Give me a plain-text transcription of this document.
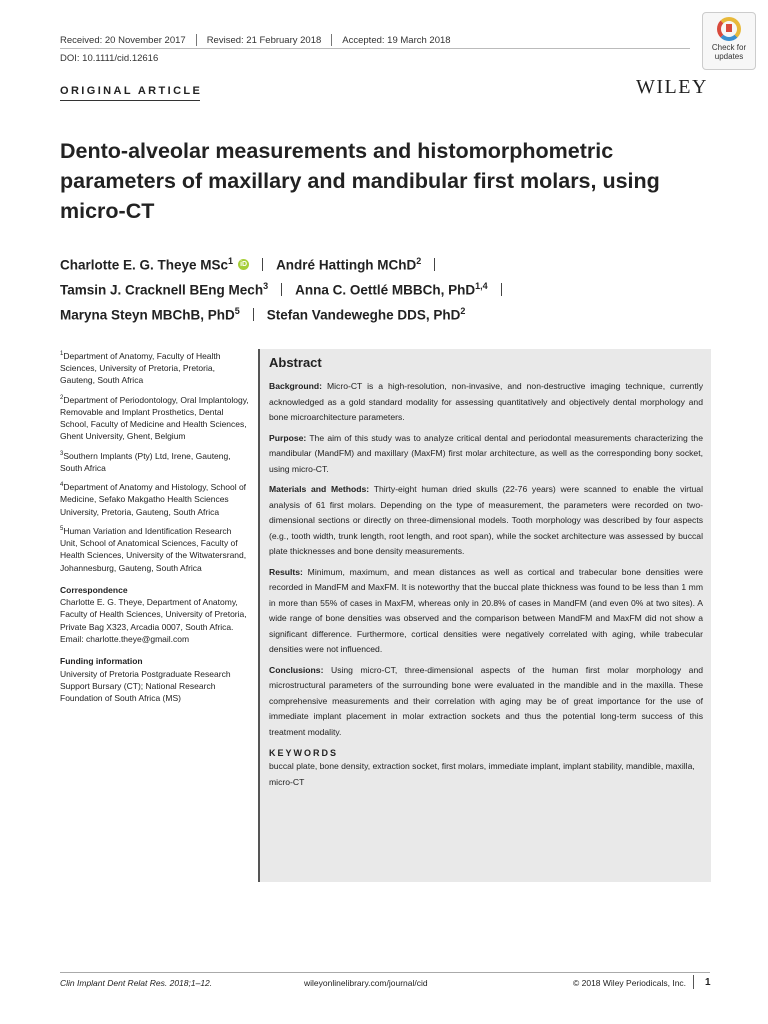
Received: 20 November 2017 Revised: 21 February 2018 Accepted: 19 March 2018
DOI: 10.1111/cid.12616
ORIGINAL ARTICLE	WILEY
Check for updates
Dento-alveolar measurements and histomorphometric parameters of maxillary and mandibular first molars, using micro-CT
Charlotte E. G. Theye MSc$^1$ iD André Hattingh MChD$^2$
Tamsin J. Cracknell BEng Mech$^3$ Anna C. Oettlé MBBCh, PhD$^{1,4}$
Maryna Steyn MBChB, PhD$^5$ Stefan Vandeweghe DDS, PhD$^2$
$^1$Department of Anatomy, Faculty of Health Sciences, University of Pretoria, Pretoria, Gauteng, South Africa
$^2$Department of Periodontology, Oral Implantology, Removable and Implant Prosthetics, Dental School, Faculty of Medicine and Health Sciences, Ghent University, Ghent, Belgium
$^3$Southern Implants (Pty) Ltd, Irene, Gauteng, South Africa
$^4$Department of Anatomy and Histology, School of Medicine, Sefako Makgatho Health Sciences University, Pretoria, Gauteng, South Africa
$^5$Human Variation and Identification Research Unit, School of Anatomical Sciences, Faculty of Health Sciences, University of the Witwatersrand, Johannesburg, Gauteng, South Africa
Correspondence
Charlotte E. G. Theye, Department of Anatomy, Faculty of Health Sciences, University of Pretoria, Private Bag X323, Arcadia 0007, South Africa.
Email: charlotte.theye@gmail.com
Funding information
University of Pretoria Postgraduate Research Support Bursary (CT); National Research Foundation of South Africa (MS)
Abstract
Background: Micro-CT is a high-resolution, non-invasive, and non-destructive imaging technique, currently acknowledged as a gold standard modality for assessing quantitatively and objectively dental morphology and bone microarchitecture parameters.
Purpose: The aim of this study was to analyze critical dental and periodontal measurements characterizing the mandibular (MandFM) and maxillary (MaxFM) first molar architecture, as well as the corresponding bony socket, using micro-CT.
Materials and Methods: Thirty-eight human dried skulls (22-76 years) were scanned to enable the virtual analysis of 61 first molars. Depending on the type of measurement, the parameters were recorded on two-dimensional sections or directly on three-dimensional models. Tooth morphology was described by four aspects (e.g., tooth width, trunk length, root length, and root span), while the socket architecture was assessed by buccal plate thicknesses and bone density measurements.
Results: Minimum, maximum, and mean distances as well as cortical and trabecular bone densities were recorded in MandFM and MaxFM. It is noteworthy that the buccal plate thickness was found to be less than 1 mm in more than 55% of cases in MaxFM, whereas only in 20.8% of cases in MandFM (and even 0% at two sites). A wide range of bone densities was observed and the comparison between MandFM and MaxFM did not show a significant difference. Furthermore, cortical densities were negatively correlated with aging, while trabecular densities were not influenced.
Conclusions: Using micro-CT, three-dimensional aspects of the human first molar morphology and microstructural parameters of the surrounding bone were evaluated in the mandible and in the maxilla. These comprehensive measurements and their correlation with aging may be of great importance for the use of immediate implant placement in molar extraction sockets and thus the potential long-term success of this treatment modality.
KEYWORDS
buccal plate, bone density, extraction socket, first molars, immediate implant, implant stability, mandible, maxilla, micro-CT
Clin Implant Dent Relat Res. 2018;1–12.	wileyonlinelibrary.com/journal/cid	© 2018 Wiley Periodicals, Inc. 1
